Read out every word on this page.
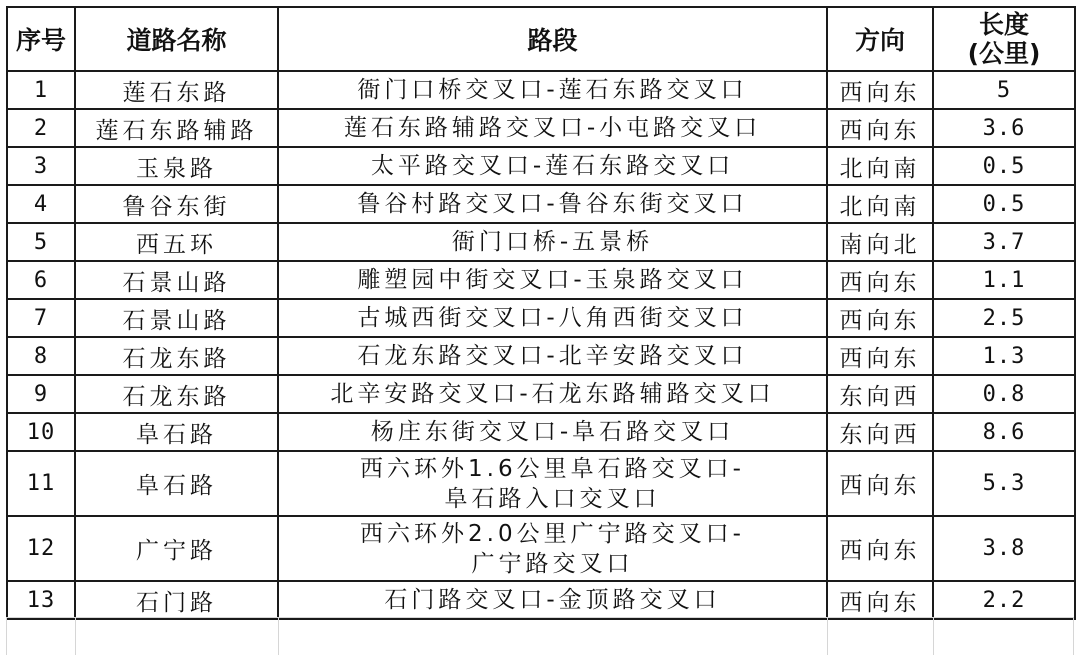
序号	道路名称	路段	方向	长度
(公里)

1	莲石东路	衙门口桥交叉口-莲石东路交叉口	西向东	5
2	莲石东路辅路	莲石东路辅路交叉口-小屯路交叉口	西向东	3.6
3	玉泉路	太平路交叉口-莲石东路交叉口	北向南	0.5
4	鲁谷东街	鲁谷村路交叉口-鲁谷东街交叉口	北向南	0.5
5	西五环	衙门口桥-五景桥	南向北	3.7
6	石景山路	雕塑园中街交叉口-玉泉路交叉口	西向东	1.1
7	石景山路	古城西街交叉口-八角西街交叉口	西向东	2.5
8	石龙东路	石龙东路交叉口-北辛安路交叉口	西向东	1.3
9	石龙东路	北辛安路交叉口-石龙东路辅路交叉口	东向西	0.8
10	阜石路	杨庄东街交叉口-阜石路交叉口	东向西	8.6
11	阜石路	西六环外1.6公里阜石路交叉口-
阜石路入口交叉口	西向东	5.3
12	广宁路	西六环外2.0公里广宁路交叉口-
广宁路交叉口	西向东	3.8
13	石门路	石门路交叉口-金顶路交叉口	西向东	2.2
